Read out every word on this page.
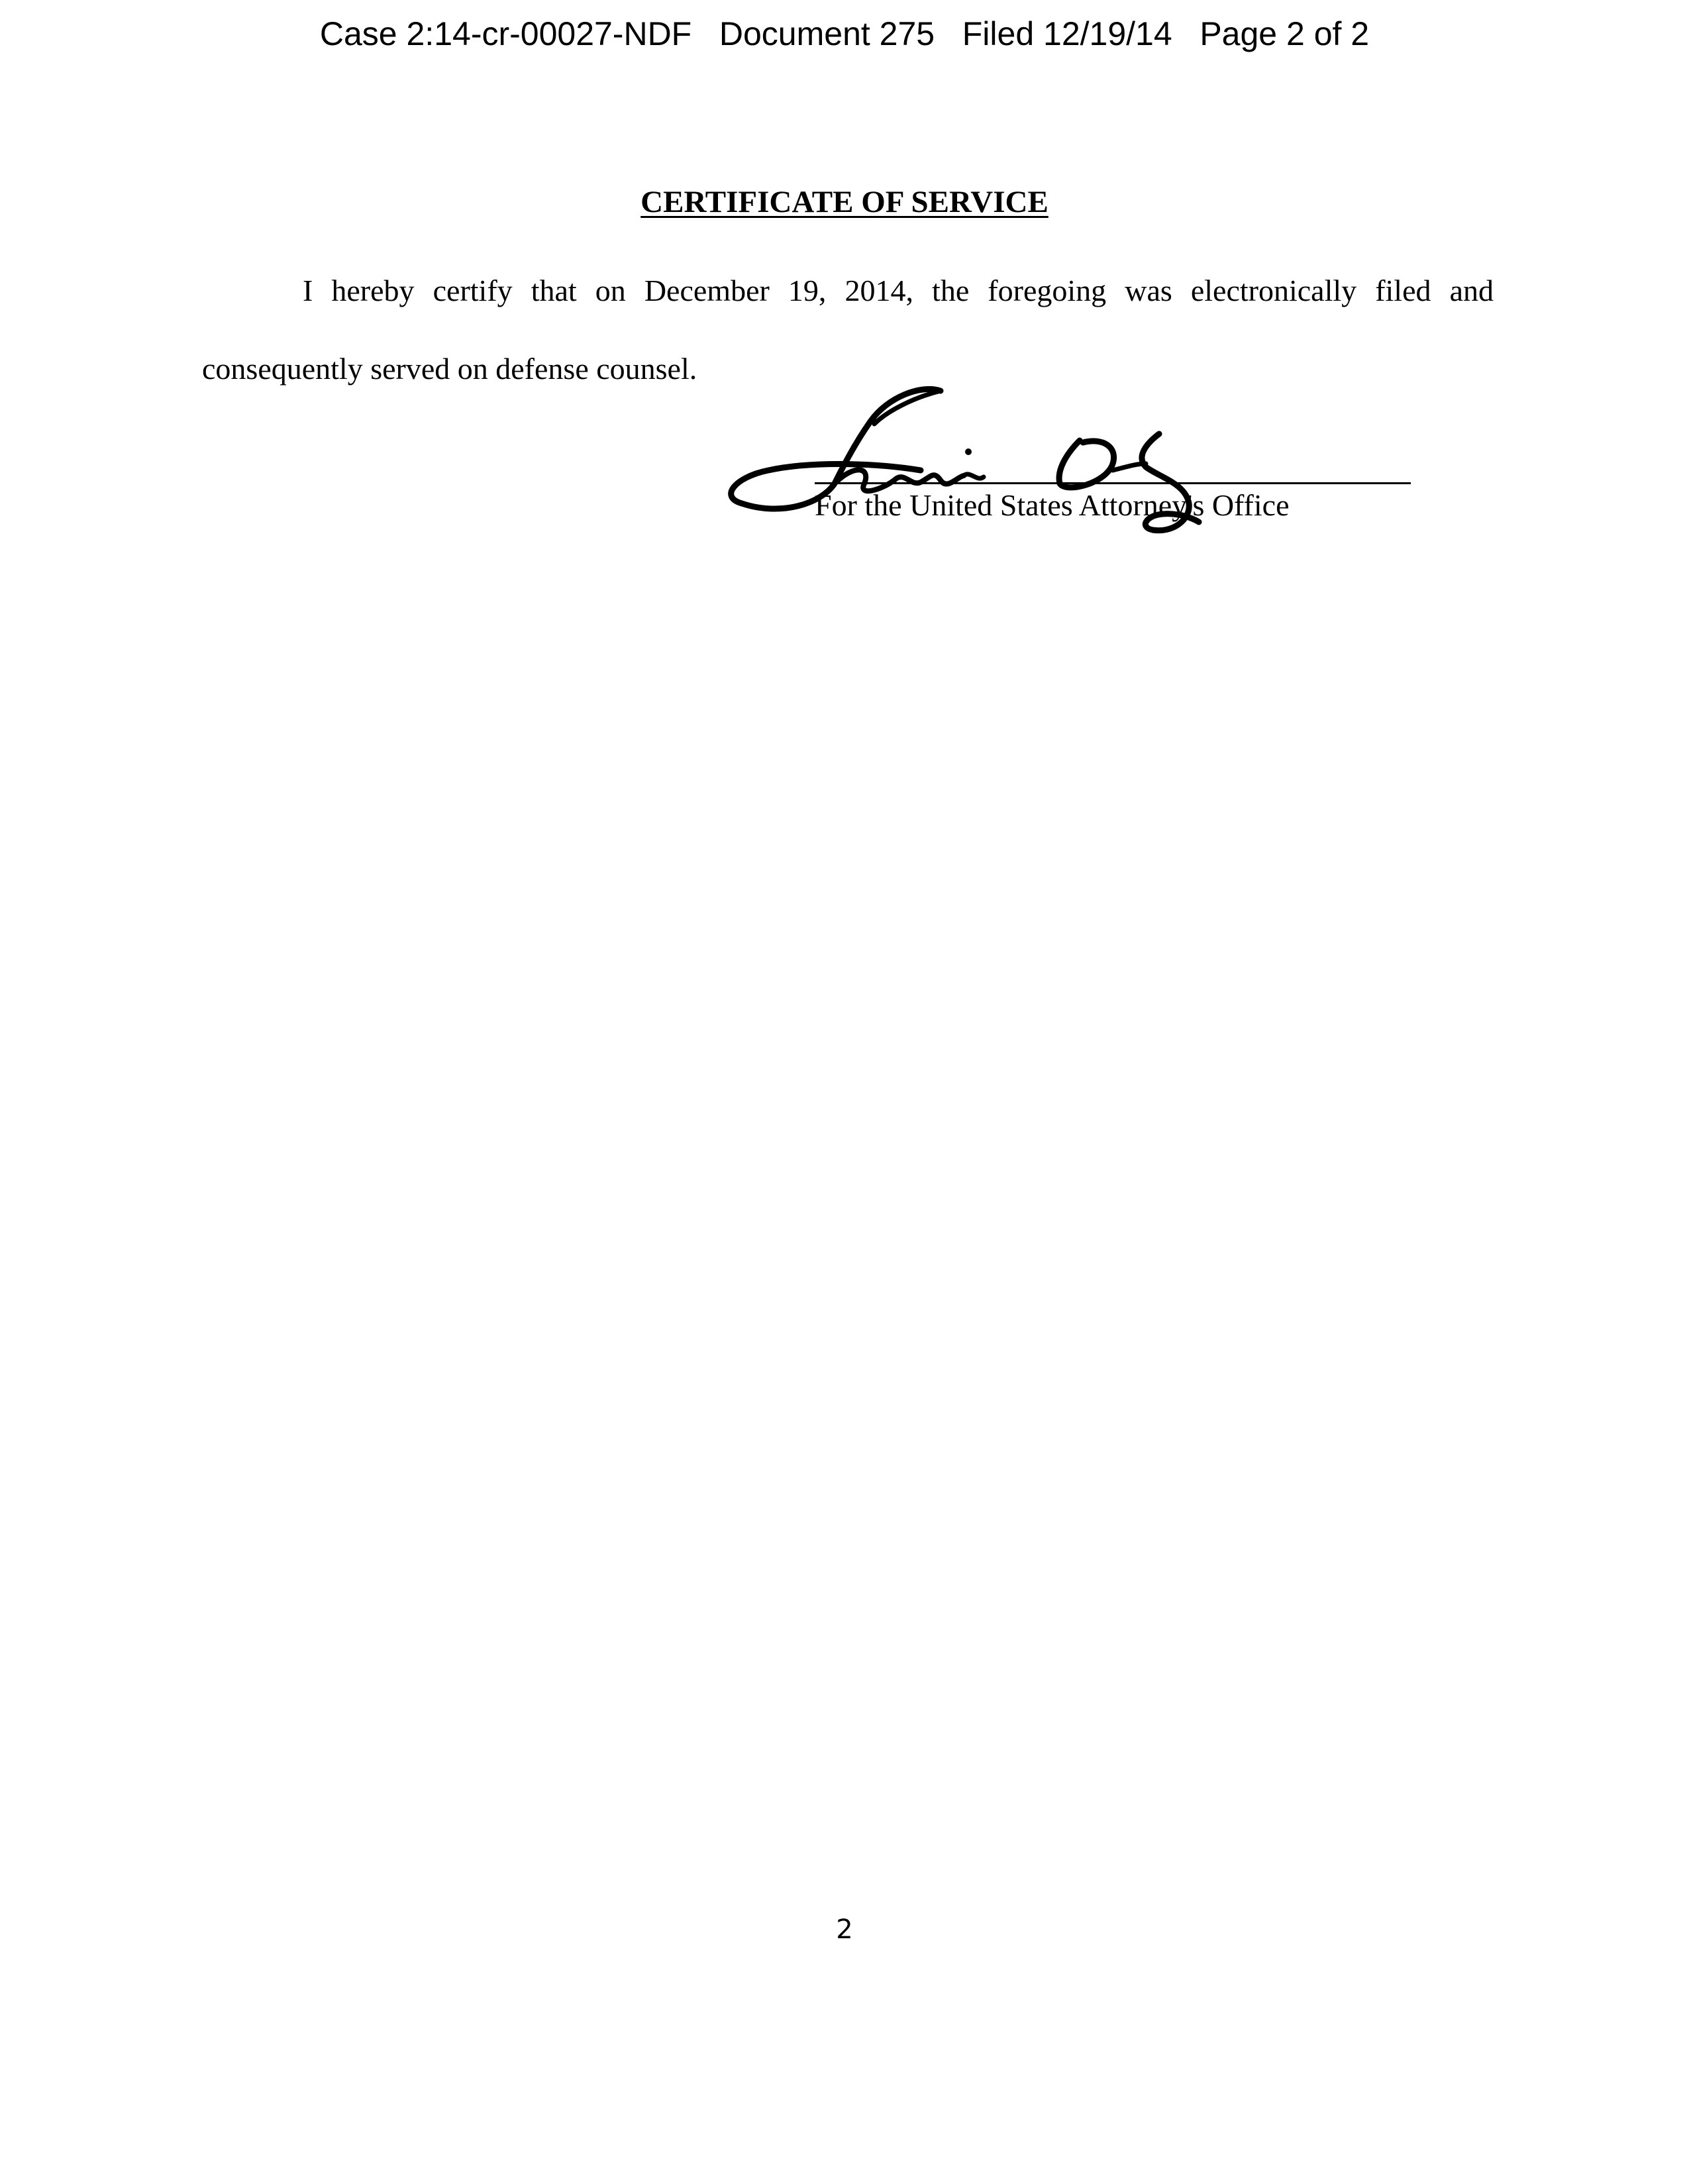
Case 2:14-cr-00027-NDF   Document 275   Filed 12/19/14   Page 2 of 2
CERTIFICATE OF SERVICE
I hereby certify that on December 19, 2014, the foregoing was electronically filed and
consequently served on defense counsel.
For the United States Attorney's Office
2
